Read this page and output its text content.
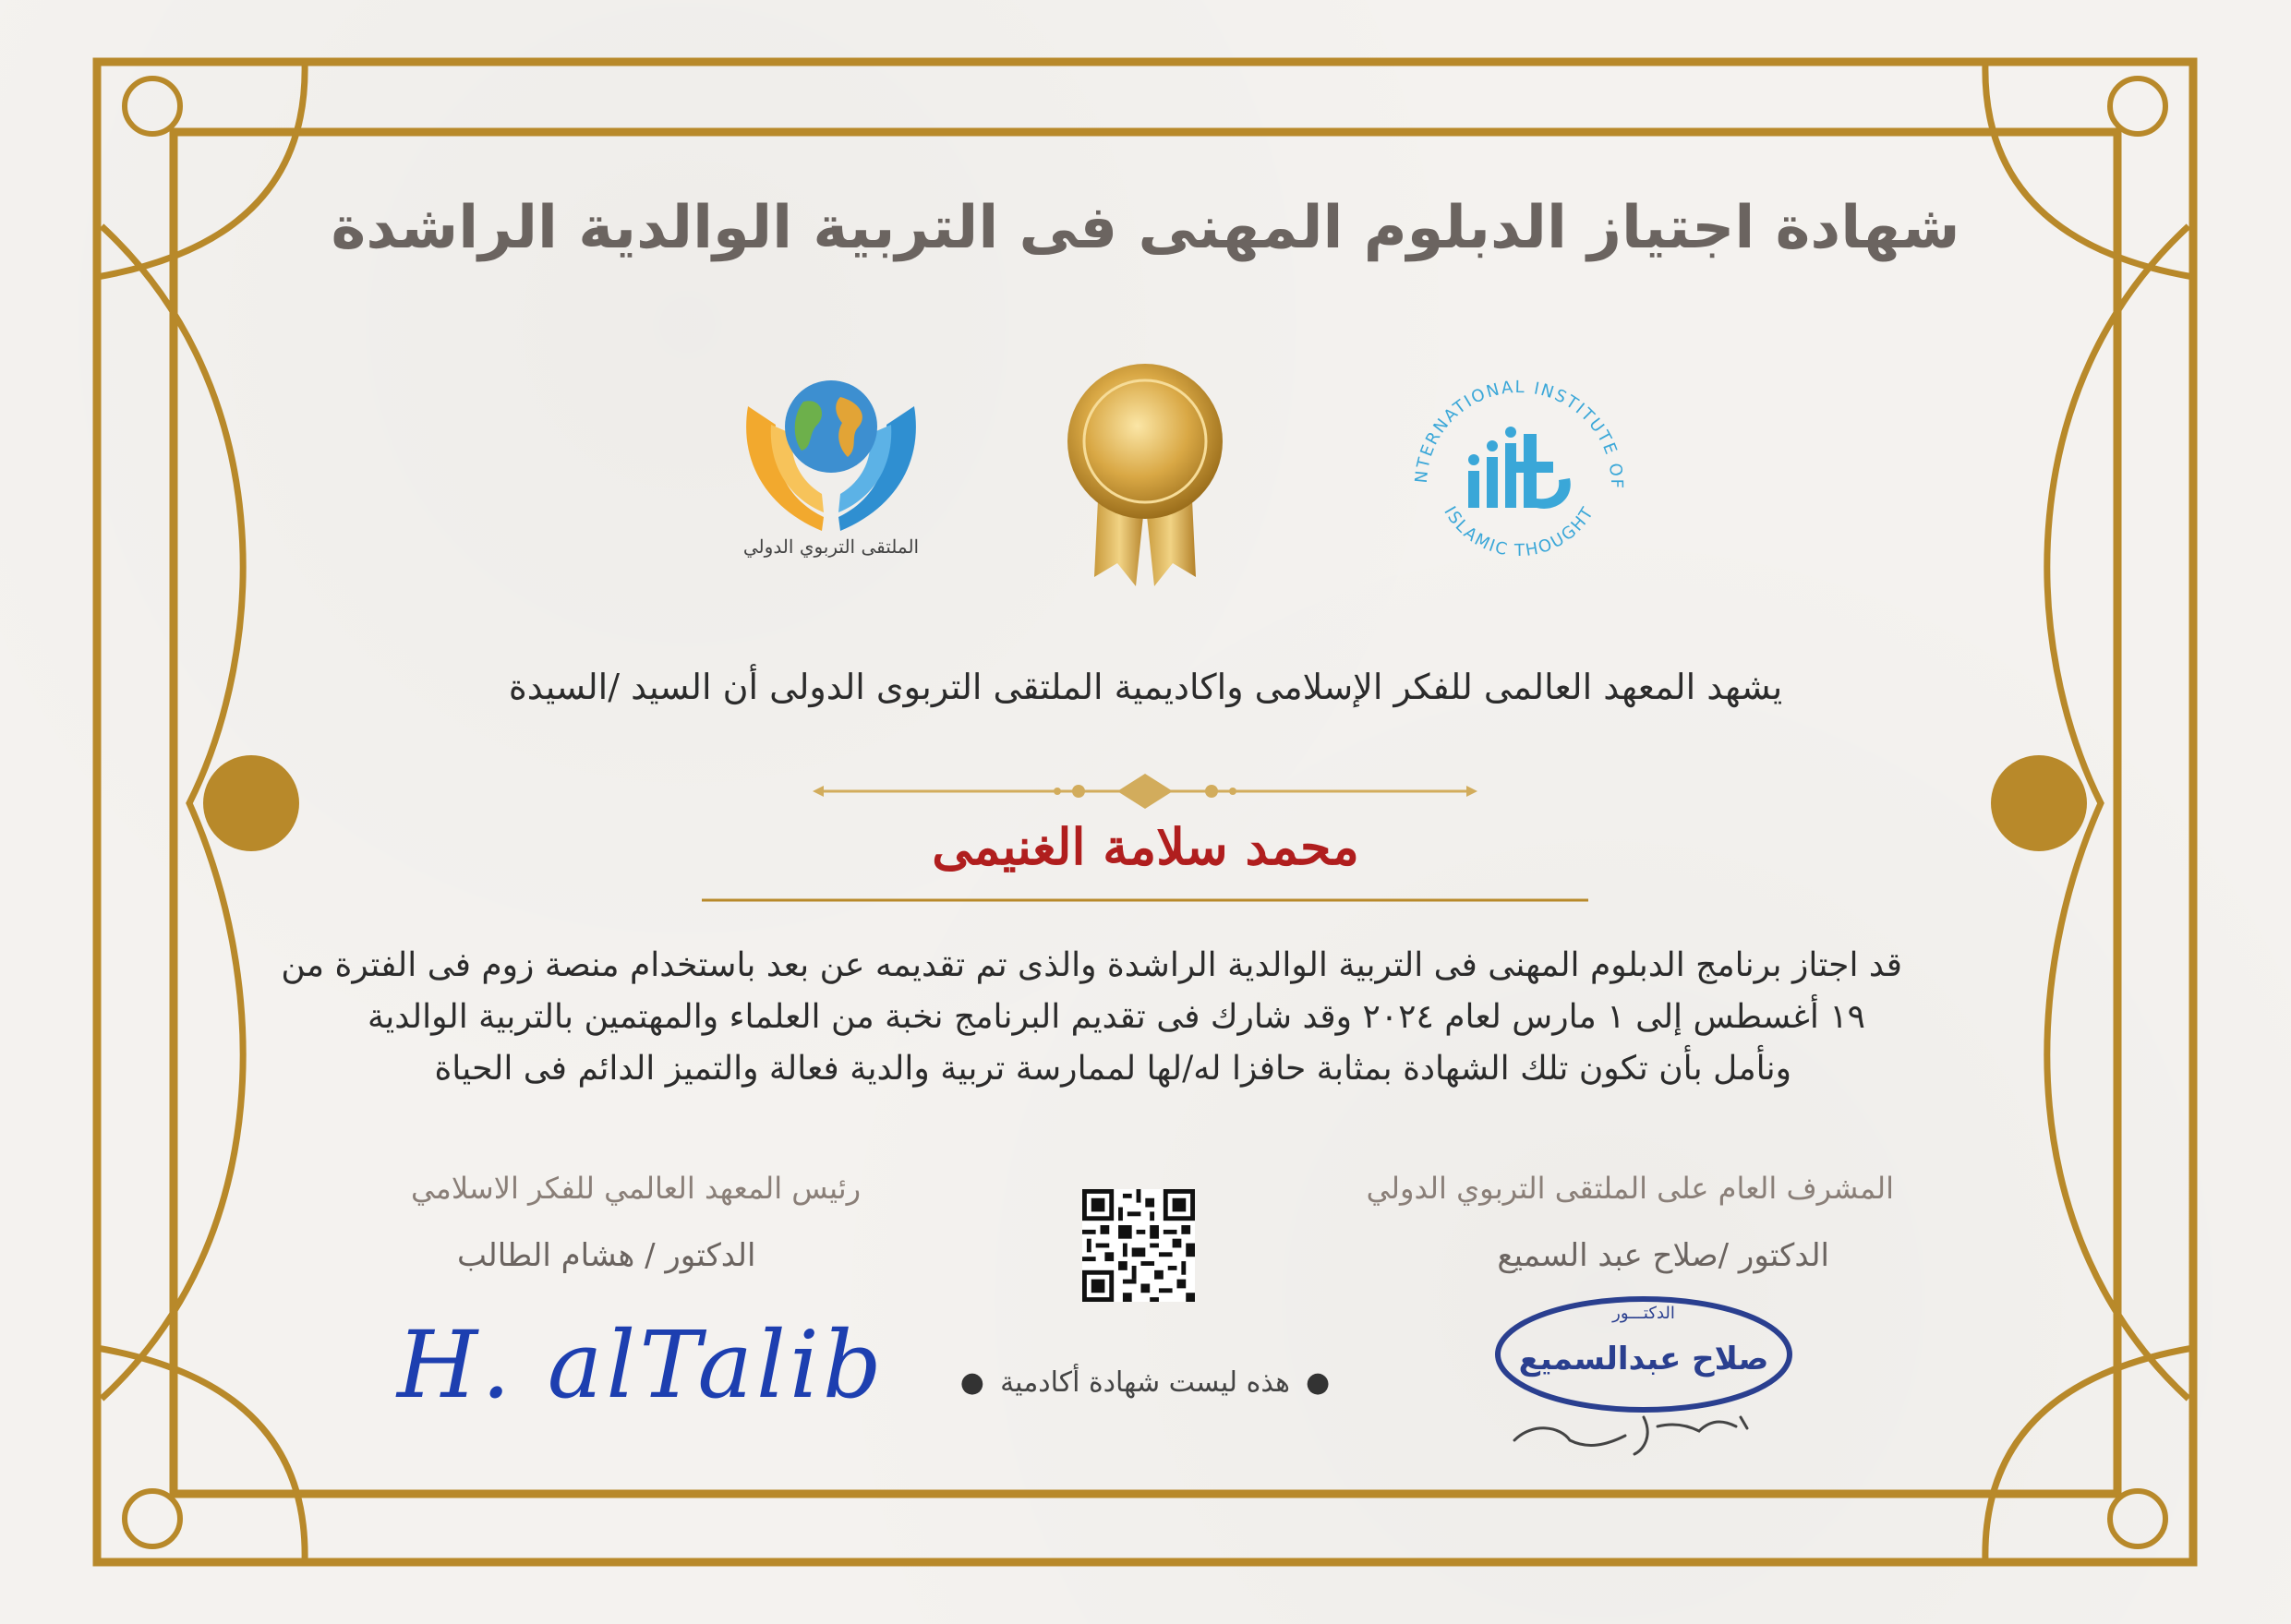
شهادة اجتياز الدبلوم المهنى فى التربية الوالدية الراشدة
الملتقى التربوي الدولي
NTERNATIONAL INSTITUTE OF
ISLAMIC THOUGHT
يشهد المعهد العالمى للفكر الإسلامى واكاديمية الملتقى التربوى الدولى أن السيد /السيدة
محمد سلامة الغنيمى
قد اجتاز برنامج الدبلوم المهنى فى التربية الوالدية الراشدة والذى تم تقديمه عن بعد باستخدام منصة زوم فى الفترة من
١٩ أغسطس إلى ١ مارس لعام ٢٠٢٤ وقد شارك فى تقديم البرنامج نخبة من العلماء والمهتمين بالتربية الوالدية
ونأمل بأن تكون تلك الشهادة بمثابة حافزا له/لها لممارسة تربية والدية فعالة والتميز الدائم فى الحياة
المشرف العام على الملتقى التربوي الدولي
الدكتور /صلاح عبد السميع
الدكتـــور
صلاح عبدالسميع
رئيس المعهد العالمي للفكر الاسلامي
الدكتور / هشام الطالب
H. alTalib	● هذه ليست شهادة أكادمية ●
